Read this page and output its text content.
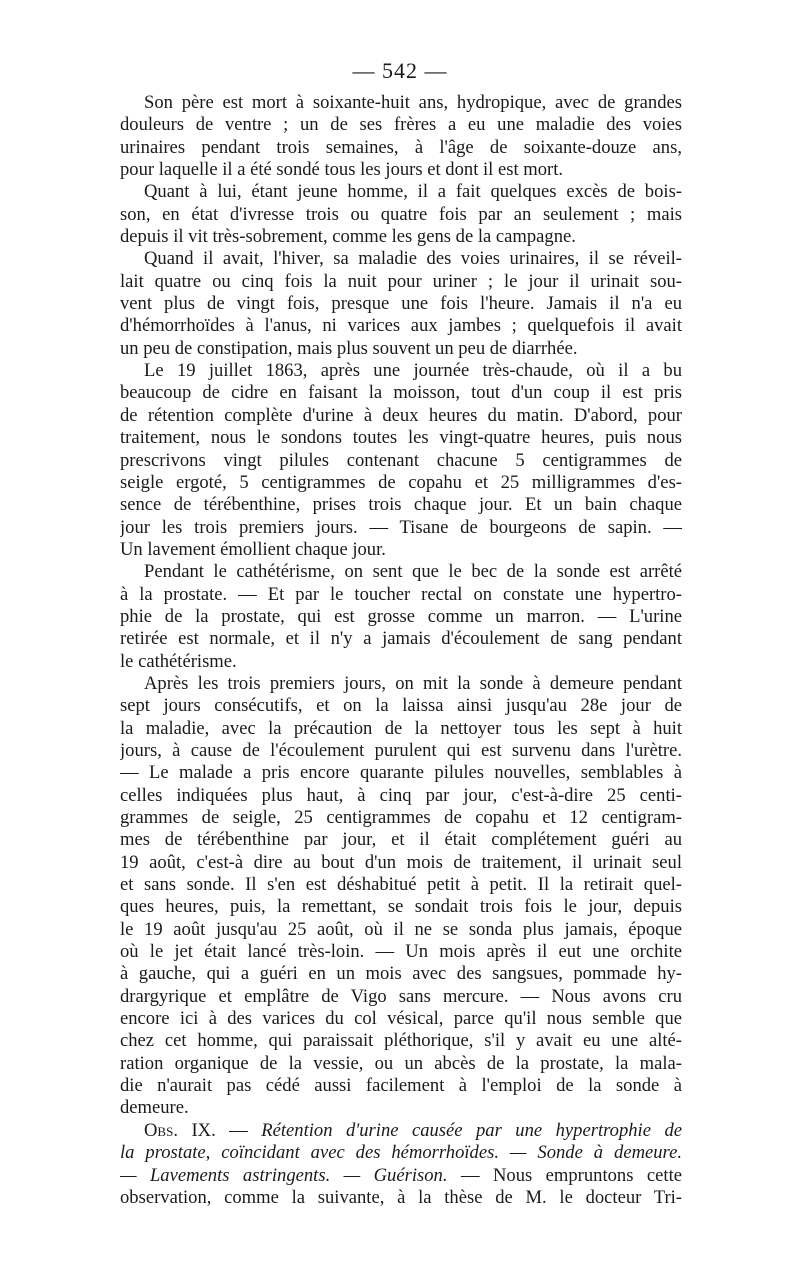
— 542 —
Son père est mort à soixante-huit ans, hydropique, avec de grandes
douleurs de ventre ; un de ses frères a eu une maladie des voies
urinaires pendant trois semaines, à l'âge de soixante-douze ans,
pour laquelle il a été sondé tous les jours et dont il est mort.
Quant à lui, étant jeune homme, il a fait quelques excès de bois-
son, en état d'ivresse trois ou quatre fois par an seulement ; mais
depuis il vit très-sobrement, comme les gens de la campagne.
Quand il avait, l'hiver, sa maladie des voies urinaires, il se réveil-
lait quatre ou cinq fois la nuit pour uriner ; le jour il urinait sou-
vent plus de vingt fois, presque une fois l'heure. Jamais il n'a eu
d'hémorrhoïdes à l'anus, ni varices aux jambes ; quelquefois il avait
un peu de constipation, mais plus souvent un peu de diarrhée.
Le 19 juillet 1863, après une journée très-chaude, où il a bu
beaucoup de cidre en faisant la moisson, tout d'un coup il est pris
de rétention complète d'urine à deux heures du matin. D'abord, pour
traitement, nous le sondons toutes les vingt-quatre heures, puis nous
prescrivons vingt pilules contenant chacune 5 centigrammes de
seigle ergoté, 5 centigrammes de copahu et 25 milligrammes d'es-
sence de térébenthine, prises trois chaque jour. Et un bain chaque
jour les trois premiers jours. — Tisane de bourgeons de sapin. —
Un lavement émollient chaque jour.
Pendant le cathétérisme, on sent que le bec de la sonde est arrêté
à la prostate. — Et par le toucher rectal on constate une hypertro-
phie de la prostate, qui est grosse comme un marron. — L'urine
retirée est normale, et il n'y a jamais d'écoulement de sang pendant
le cathétérisme.
Après les trois premiers jours, on mit la sonde à demeure pendant
sept jours consécutifs, et on la laissa ainsi jusqu'au 28e jour de
la maladie, avec la précaution de la nettoyer tous les sept à huit
jours, à cause de l'écoulement purulent qui est survenu dans l'urètre.
— Le malade a pris encore quarante pilules nouvelles, semblables à
celles indiquées plus haut, à cinq par jour, c'est-à-dire 25 centi-
grammes de seigle, 25 centigrammes de copahu et 12 centigram-
mes de térébenthine par jour, et il était complétement guéri au
19 août, c'est-à dire au bout d'un mois de traitement, il urinait seul
et sans sonde. Il s'en est déshabitué petit à petit. Il la retirait quel-
ques heures, puis, la remettant, se sondait trois fois le jour, depuis
le 19 août jusqu'au 25 août, où il ne se sonda plus jamais, époque
où le jet était lancé très-loin. — Un mois après il eut une orchite
à gauche, qui a guéri en un mois avec des sangsues, pommade hy-
drargyrique et emplâtre de Vigo sans mercure. — Nous avons cru
encore ici à des varices du col vésical, parce qu'il nous semble que
chez cet homme, qui paraissait pléthorique, s'il y avait eu une alté-
ration organique de la vessie, ou un abcès de la prostate, la mala-
die n'aurait pas cédé aussi facilement à l'emploi de la sonde à
demeure.
Obs. IX. — Rétention d'urine causée par une hypertrophie de
la prostate, coïncidant avec des hémorrhoïdes. — Sonde à demeure.
— Lavements astringents. — Guérison. — Nous empruntons cette
observation, comme la suivante, à la thèse de M. le docteur Tri-
